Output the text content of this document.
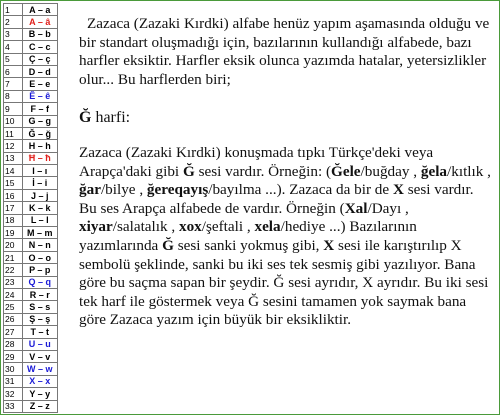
1	A – a
2	A – â
3	B – b
4	C – c
5	Ç – ç
6	D – d
7	E – e
8	Ê – ê
9	F – f
10	G – g
11	Ğ – ğ
12	H – h
13	Ħ – ħ
14	I – ı
15	İ – i
16	J – j
17	K – k
18	L – l
19	M – m
20	N – n
21	O – o
22	P – p
23	Q – q
24	R – r
25	S – s
26	Ş – ş
27	T – t
28	U – u
29	V – v
30	W – w
31	X – x
32	Y – y
33	Z – z

Zazaca (Zazaki Kırdki) alfabe henüz yapım aşamasında olduğu ve bir standart oluşmadığı için, bazılarının kullandığı alfabede, bazı harfler eksiktir. Harfler eksik olunca yazımda hatalar, yetersizlikler olur... Bu harflerden biri;

Ğ harfi:

Zazaca (Zazaki Kırdki) konuşmada tıpkı Türkçe'deki veya Arapça'daki gibi Ğ sesi vardır. Örneğin: (Ğele/buğday , ğela/kıtlık , ğar/bilye , ğereqayış/bayılma ...). Zazaca da bir de X sesi vardır. Bu ses Arapça alfabede de vardır. Örneğin (Xal/Dayı , xiyar/salatalık , xox/şeftali , xela/hediye ...) Bazılarının yazımlarında Ğ sesi sanki yokmuş gibi, X sesi ile karıştırılıp X sembolü şeklinde, sanki bu iki ses tek sesmiş gibi yazılıyor. Bana göre bu saçma sapan bir şeydir. Ğ sesi ayrıdır, X ayrıdır. Bu iki sesi tek harf ile göstermek veya Ğ sesini tamamen yok saymak bana göre Zazaca yazım için büyük bir eksikliktir.
